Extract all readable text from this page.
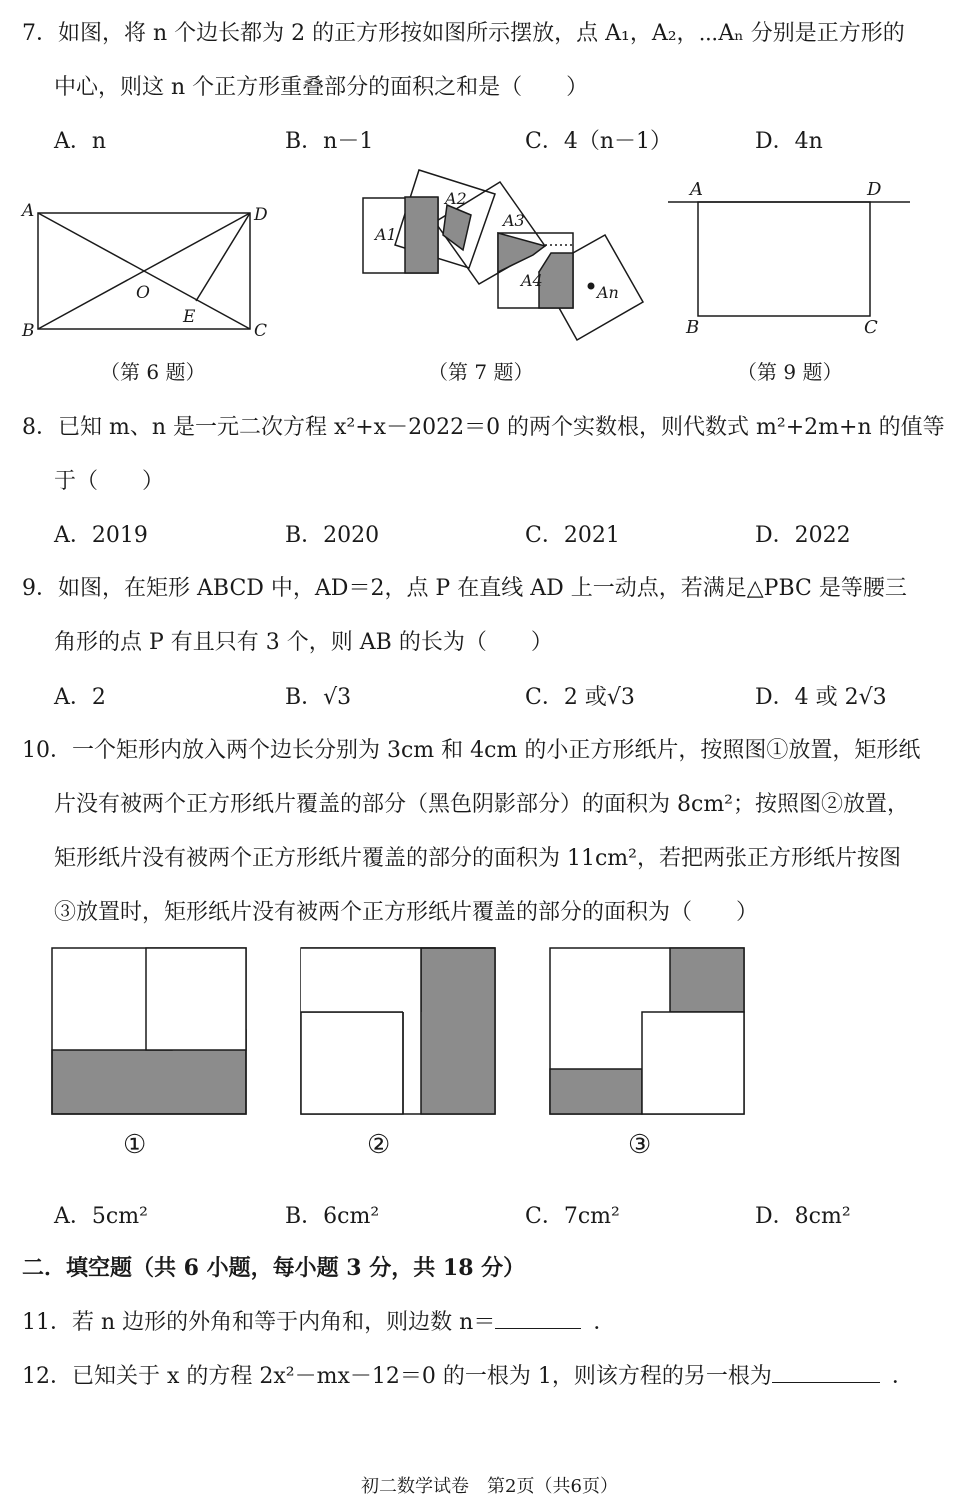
7．如图，将 n 个边长都为 2 的正方形按如图所示摆放，点 A₁，A₂，⋯Aₙ 分别是正方形的
中心，则这 n 个正方形重叠部分的面积之和是（　　）
A．n	B．n－1	C．4（n－1）	D．4n
A
B	C
D
O
E
（第 6 题）
A1
A2
A3
A4
An
（第 7 题）
A	D
B	C
（第 9 题）
8．已知 m、n 是一元二次方程 x²+x－2022＝0 的两个实数根，则代数式 m²+2m+n 的值等
于（　　）
A．2019	B．2020	C．2021	D．2022
9．如图，在矩形 ABCD 中，AD＝2，点 P 在直线 AD 上一动点，若满足△PBC 是等腰三
角形的点 P 有且只有 3 个，则 AB 的长为（　　）
A．2	B．√3	C．2 或√3	D．4 或 2√3
10．一个矩形内放入两个边长分别为 3cm 和 4cm 的小正方形纸片，按照图①放置，矩形纸
片没有被两个正方形纸片覆盖的部分（黑色阴影部分）的面积为 8cm²；按照图②放置，
矩形纸片没有被两个正方形纸片覆盖的部分的面积为 11cm²，若把两张正方形纸片按图
③放置时，矩形纸片没有被两个正方形纸片覆盖的部分的面积为（　　）
①	②	③
A．5cm²	B．6cm²	C．7cm²	D．8cm²
二．填空题（共 6 小题，每小题 3 分，共 18 分）
11．若 n 边形的外角和等于内角和，则边数 n＝	．
12．已知关于 x 的方程 2x²－mx－12＝0 的一根为 1，则该方程的另一根为	．
初二数学试卷　第2页（共6页）
